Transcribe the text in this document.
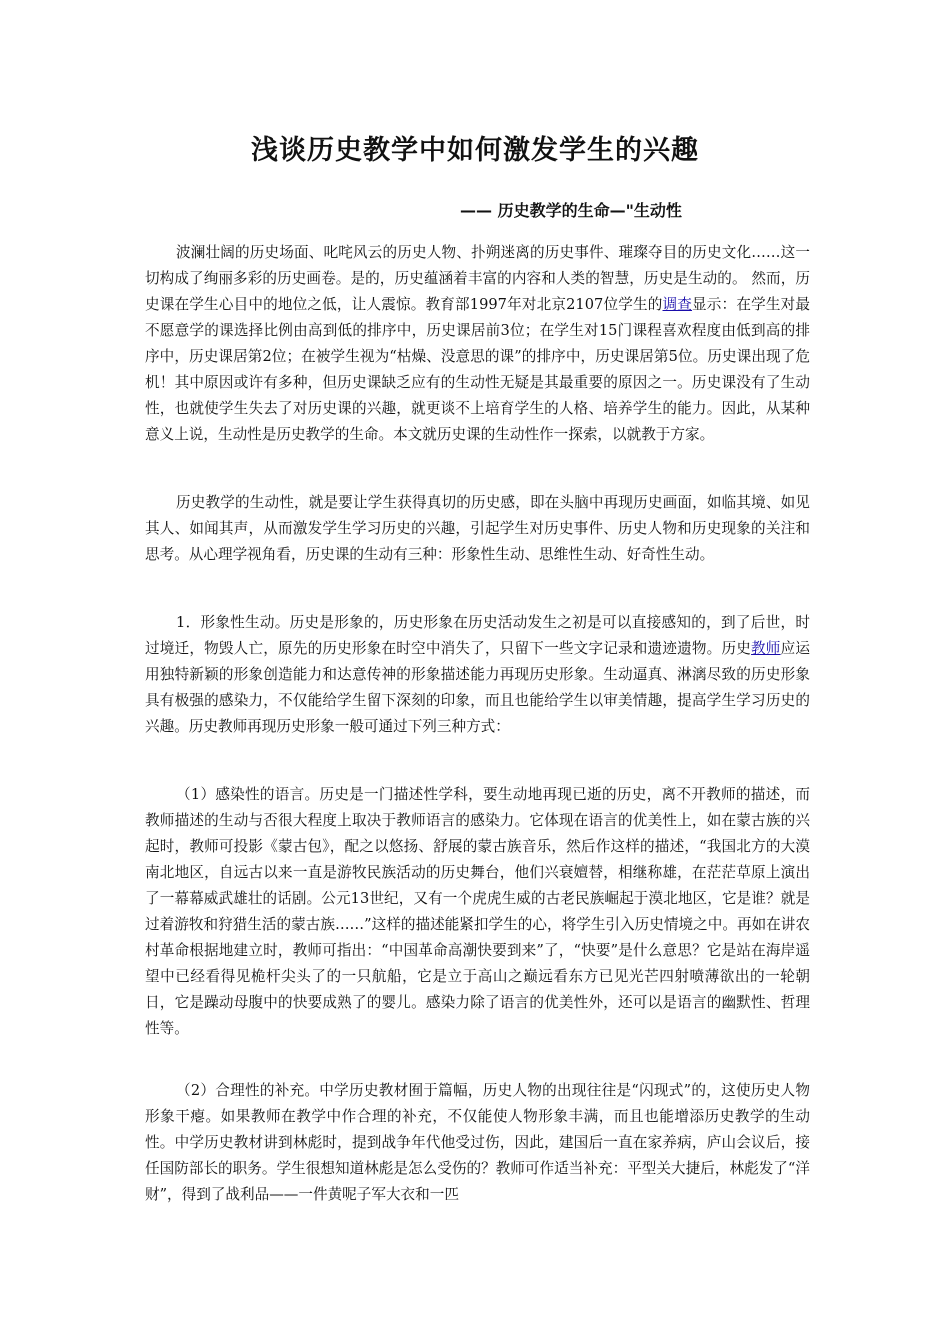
浅谈历史教学中如何激发学生的兴趣
—— 历史教学的生命—"生动性

波澜壮阔的历史场面、叱咤风云的历史人物、扑朔迷离的历史事件、璀璨夺目的历史文化……这一切构成了绚丽多彩的历史画卷。是的，历史蕴涵着丰富的内容和人类的智慧，历史是生动的。 然而，历史课在学生心目中的地位之低，让人震惊。教育部1997年对北京2107位学生的调查显示：在学生对最不愿意学的课选择比例由高到低的排序中，历史课居前3位；在学生对15门课程喜欢程度由低到高的排序中，历史课居第2位；在被学生视为“枯燥、没意思的课”的排序中，历史课居第5位。历史课出现了危机！其中原因或许有多种，但历史课缺乏应有的生动性无疑是其最重要的原因之一。历史课没有了生动性，也就使学生失去了对历史课的兴趣，就更谈不上培育学生的人格、培养学生的能力。因此，从某种意义上说，生动性是历史教学的生命。本文就历史课的生动性作一探索，以就教于方家。

历史教学的生动性，就是要让学生获得真切的历史感，即在头脑中再现历史画面，如临其境、如见其人、如闻其声，从而激发学生学习历史的兴趣，引起学生对历史事件、历史人物和历史现象的关注和思考。从心理学视角看，历史课的生动有三种：形象性生动、思维性生动、好奇性生动。

1．形象性生动。历史是形象的，历史形象在历史活动发生之初是可以直接感知的，到了后世，时过境迁，物毁人亡，原先的历史形象在时空中消失了，只留下一些文字记录和遗迹遗物。历史教师应运用独特新颖的形象创造能力和达意传神的形象描述能力再现历史形象。生动逼真、淋漓尽致的历史形象具有极强的感染力，不仅能给学生留下深刻的印象，而且也能给学生以审美情趣，提高学生学习历史的兴趣。历史教师再现历史形象一般可通过下列三种方式：

（1）感染性的语言。历史是一门描述性学科，要生动地再现已逝的历史，离不开教师的描述，而教师描述的生动与否很大程度上取决于教师语言的感染力。它体现在语言的优美性上，如在蒙古族的兴起时，教师可投影《蒙古包》，配之以悠扬、舒展的蒙古族音乐，然后作这样的描述，“我国北方的大漠南北地区，自远古以来一直是游牧民族活动的历史舞台，他们兴衰嬗替，相继称雄，在茫茫草原上演出了一幕幕威武雄壮的话剧。公元13世纪，又有一个虎虎生威的古老民族崛起于漠北地区，它是谁？就是过着游牧和狩猎生活的蒙古族……”这样的描述能紧扣学生的心，将学生引入历史情境之中。再如在讲农村革命根据地建立时，教师可指出：“中国革命高潮快要到来”了，“快要”是什么意思？它是站在海岸遥望中已经看得见桅杆尖头了的一只航船，它是立于高山之巅远看东方已见光芒四射喷薄欲出的一轮朝日，它是躁动母腹中的快要成熟了的婴儿。感染力除了语言的优美性外，还可以是语言的幽默性、哲理性等。

（2）合理性的补充。中学历史教材囿于篇幅，历史人物的出现往往是“闪现式”的，这使历史人物形象干瘪。如果教师在教学中作合理的补充，不仅能使人物形象丰满，而且也能增添历史教学的生动性。中学历史教材讲到林彪时，提到战争年代他受过伤，因此，建国后一直在家养病，庐山会议后，接任国防部长的职务。学生很想知道林彪是怎么受伤的？教师可作适当补充：平型关大捷后，林彪发了“洋财”，得到了战利品——一件黄呢子军大衣和一匹
